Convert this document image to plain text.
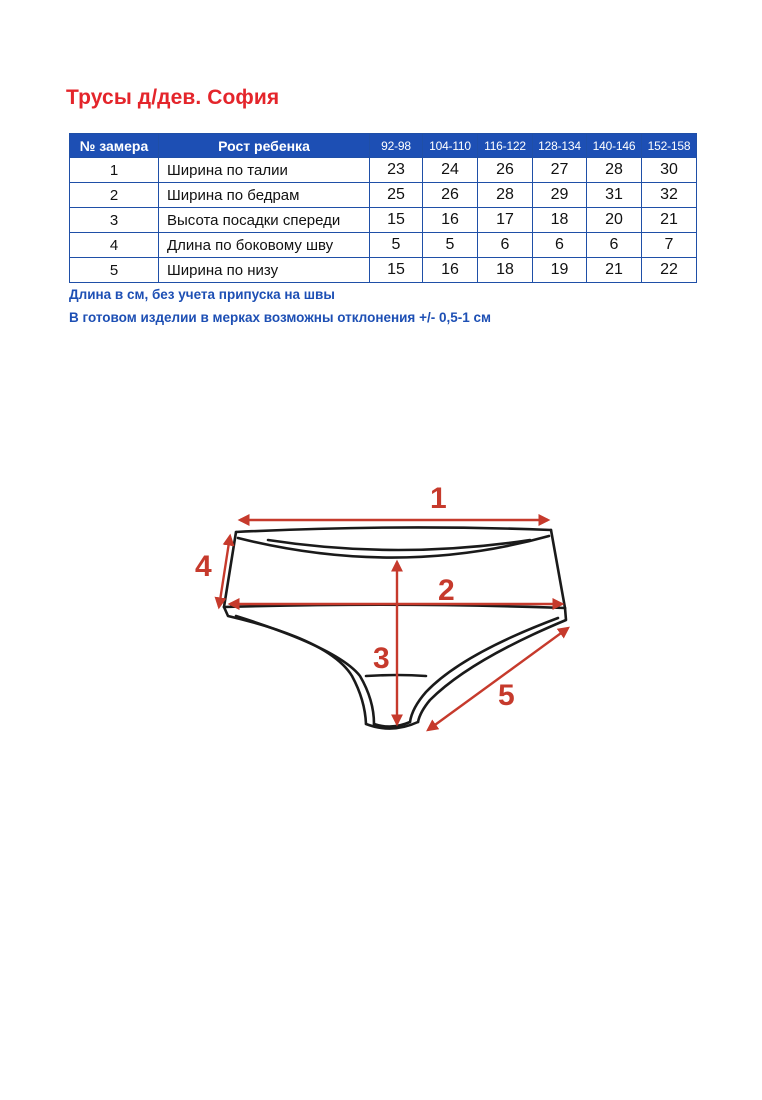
Трусы д/дев. София
№ замера	Рост ребенка	92-98	104-110	116-122	128-134	140-146	152-158
1	Ширина по талии	23	24	26	27	28	30
2	Ширина по бедрам	25	26	28	29	31	32
3	Высота посадки спереди	15	16	17	18	20	21
4	Длина по боковому шву	5	5	6	6	6	7
5	Ширина по низу	15	16	18	19	21	22
Длина в см, без учета припуска на швы
В готовом изделии в мерках возможны отклонения +/- 0,5-1 см
1
2
3
4
5
